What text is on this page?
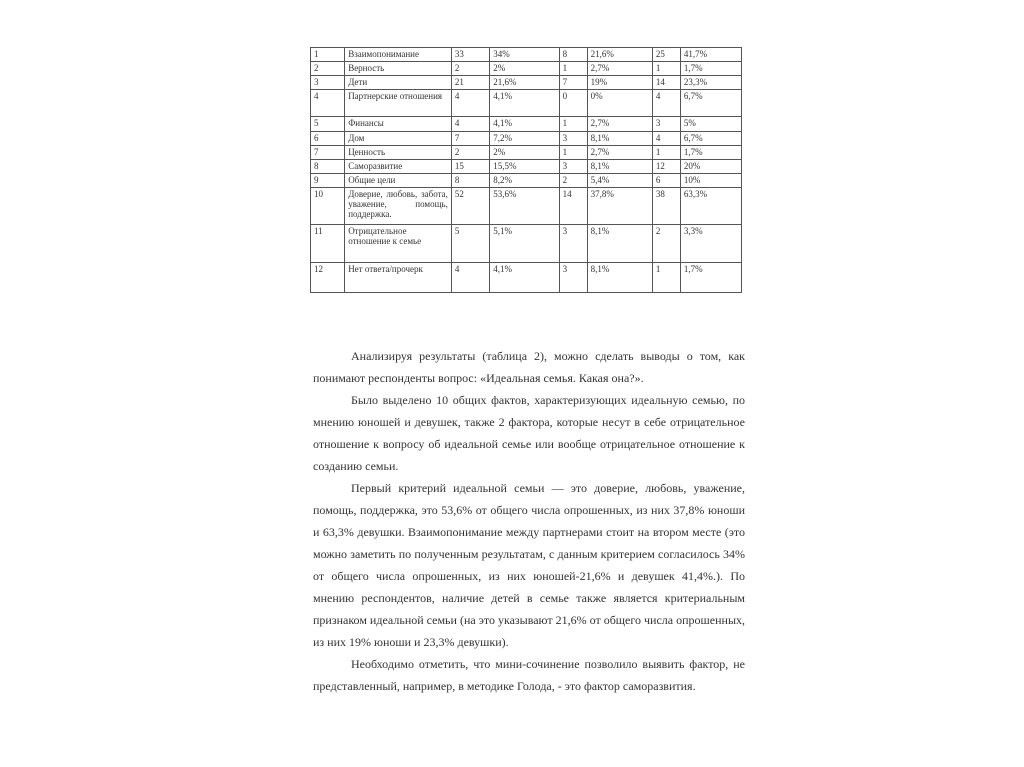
1	Взаимопонимание	33	34%	8	21,6%	25	41,7%
2	Верность	2	2%	1	2,7%	1	1,7%
3	Дети	21	21,6%	7	19%	14	23,3%
4	Партнерские отношения	4	4,1%	0	0%	4	6,7%
5	Финансы	4	4,1%	1	2,7%	3	5%
6	Дом	7	7,2%	3	8,1%	4	6,7%
7	Ценность	2	2%	1	2,7%	1	1,7%
8	Саморазвитие	15	15,5%	3	8,1%	12	20%
9	Общие цели	8	8,2%	2	5,4%	6	10%
10	Доверие, любовь, забота, уважение, помощь, поддержка.	52	53,6%	14	37,8%	38	63,3%
11	Отрицательное отношение к семье	5	5,1%	3	8,1%	2	3,3%
12	Нет ответа/прочерк	4	4,1%	3	8,1%	1	1,7%

Анализируя результаты (таблица 2), можно сделать выводы о том, как понимают респонденты вопрос: «Идеальная семья. Какая она?».

Было выделено 10 общих фактов, характеризующих идеальную семью, по мнению юношей и девушек, также 2 фактора, которые несут в себе отрицательное отношение к вопросу об идеальной семье или вообще отрицательное отношение к созданию семьи.

Первый критерий идеальной семьи — это доверие, любовь, уважение, помощь, поддержка, это 53,6% от общего числа опрошенных, из них 37,8% юноши и 63,3% девушки. Взаимопонимание между партнерами стоит на втором месте (это можно заметить по полученным результатам, с данным критерием согласилось 34% от общего числа опрошенных, из них юношей-21,6% и девушек 41,4%.). По мнению респондентов, наличие детей в семье также является критериальным признаком идеальной семьи (на это указывают 21,6% от общего числа опрошенных, из них 19% юноши и 23,3% девушки).

Необходимо отметить, что мини-сочинение позволило выявить фактор, не представленный, например, в методике Голода, - это фактор саморазвития.
